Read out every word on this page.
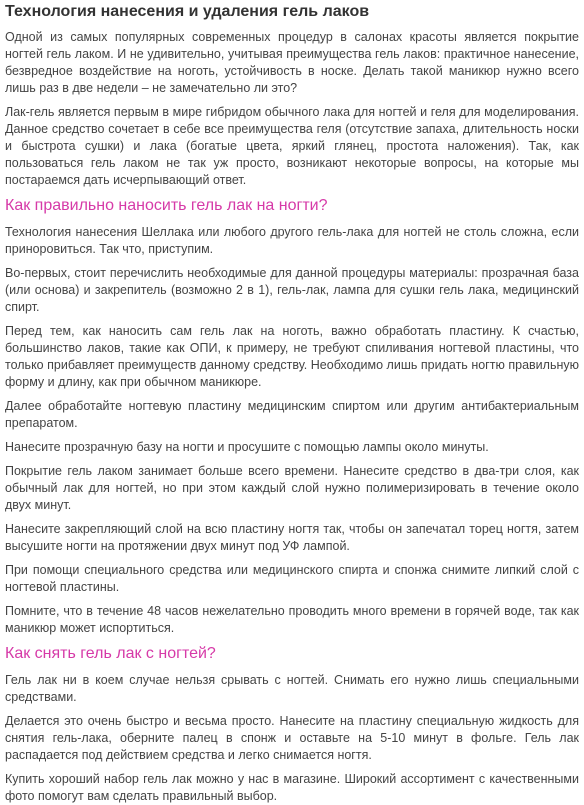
Технология нанесения и удаления гель лаков

Одной из самых популярных современных процедур в салонах красоты является покрытие ногтей гель лаком. И не удивительно, учитывая преимущества гель лаков: практичное нанесение, безвредное воздействие на ноготь, устойчивость в носке. Делать такой маникюр нужно всего лишь раз в две недели – не замечательно ли это?

Лак-гель является первым в мире гибридом обычного лака для ногтей и геля для моделирования. Данное средство сочетает в себе все преимущества геля (отсутствие запаха, длительность носки и быстрота сушки) и лака (богатые цвета, яркий глянец, простота наложения). Так, как пользоваться гель лаком не так уж просто, возникают некоторые вопросы, на которые мы постараемся дать исчерпывающий ответ.

Как правильно наносить гель лак на ногти?

Технология нанесения Шеллака или любого другого гель-лака для ногтей не столь сложна, если приноровиться. Так что, приступим.

Во-первых, стоит перечислить необходимые для данной процедуры материалы: прозрачная база (или основа) и закрепитель (возможно 2 в 1), гель-лак, лампа для сушки гель лака, медицинский спирт.

Перед тем, как наносить сам гель лак на ноготь, важно обработать пластину. К счастью, большинство лаков, такие как ОПИ, к примеру, не требуют спиливания ногтевой пластины, что только прибавляет преимуществ данному средству. Необходимо лишь придать ногтю правильную форму и длину, как при обычном маникюре.

Далее обработайте ногтевую пластину медицинским спиртом или другим антибактериальным препаратом.

Нанесите прозрачную базу на ногти и просушите с помощью лампы около минуты.

Покрытие гель лаком занимает больше всего времени. Нанесите средство в два-три слоя, как обычный лак для ногтей, но при этом каждый слой нужно полимеризировать в течение около двух минут.

Нанесите закрепляющий слой на всю пластину ногтя так, чтобы он запечатал торец ногтя, затем высушите ногти на протяжении двух минут под УФ лампой.

При помощи специального средства или медицинского спирта и спонжа снимите липкий слой с ногтевой пластины.

Помните, что в течение 48 часов нежелательно проводить много времени в горячей воде, так как маникюр может испортиться.

Как снять гель лак с ногтей?

Гель лак ни в коем случае нельзя срывать с ногтей. Снимать его нужно лишь специальными средствами.

Делается это очень быстро и весьма просто. Нанесите на пластину специальную жидкость для снятия гель-лака, оберните палец в спонж и оставьте на 5-10 минут в фольге. Гель лак распадается под действием средства и легко снимается ногтя.

Купить хороший набор гель лак можно у нас в магазине. Широкий ассортимент с качественными фото помогут вам сделать правильный выбор.
